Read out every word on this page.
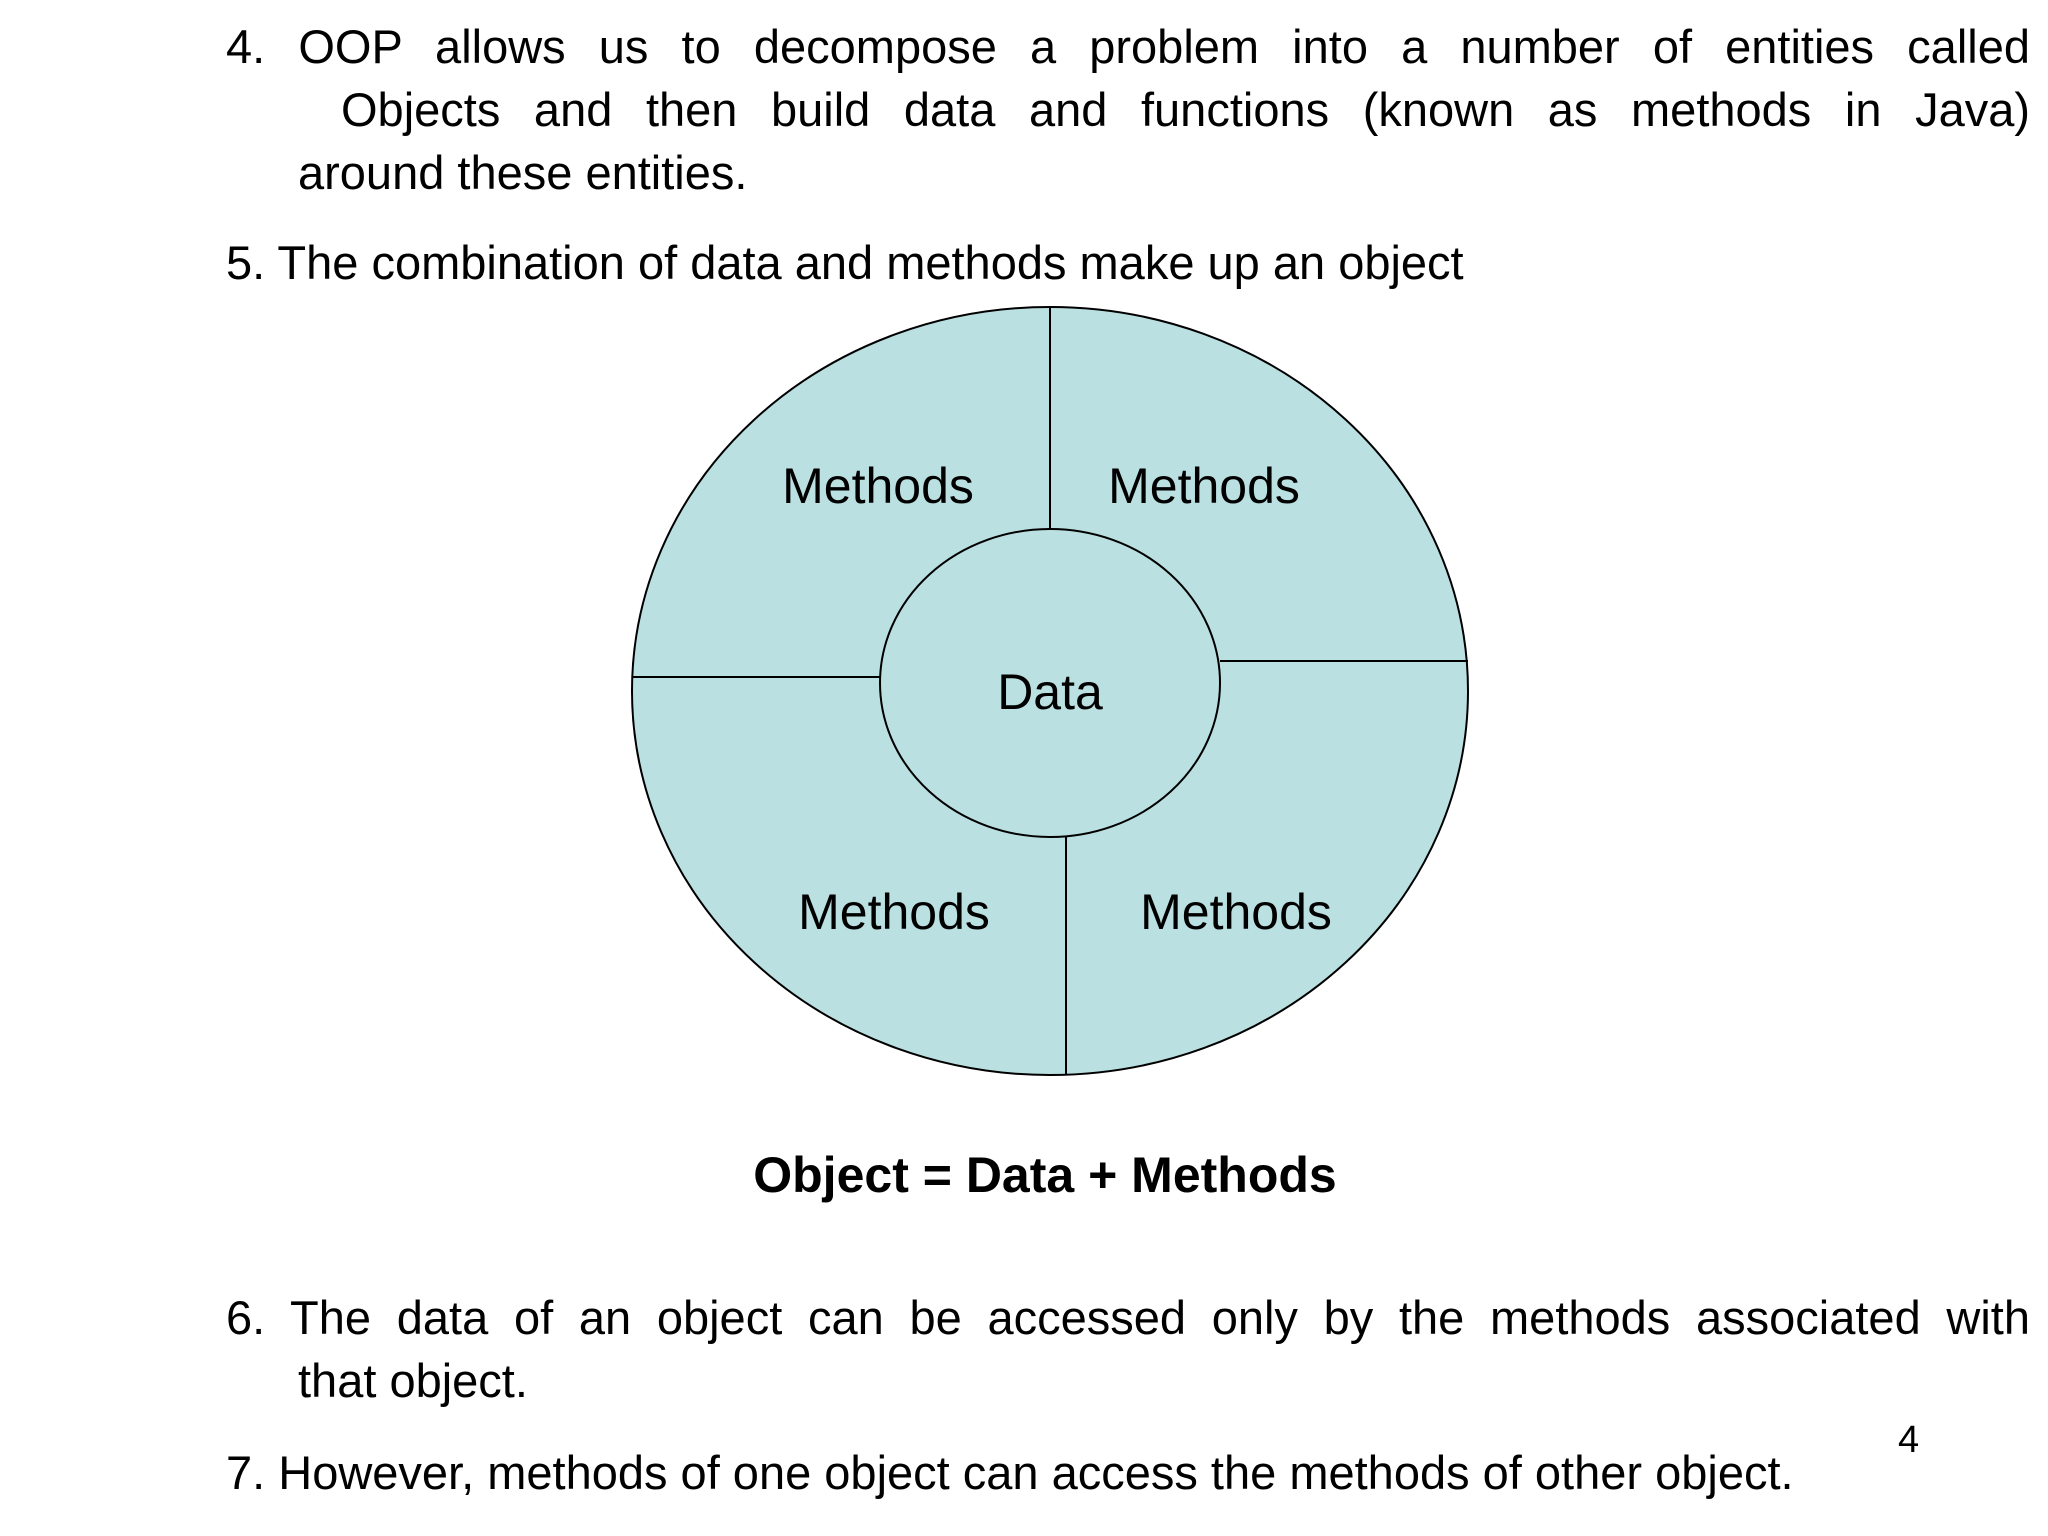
4. OOP allows us to decompose a problem into a number of entities called
Objects and then build data and functions (known as methods in Java)
around these entities.
5. The combination of data and methods make up an object
Methods	Methods
Methods	Methods
Data
Object = Data + Methods
6. The data of an object can be accessed only by the methods associated with
that object.
4
7. However, methods of one object can access the methods of other object.
